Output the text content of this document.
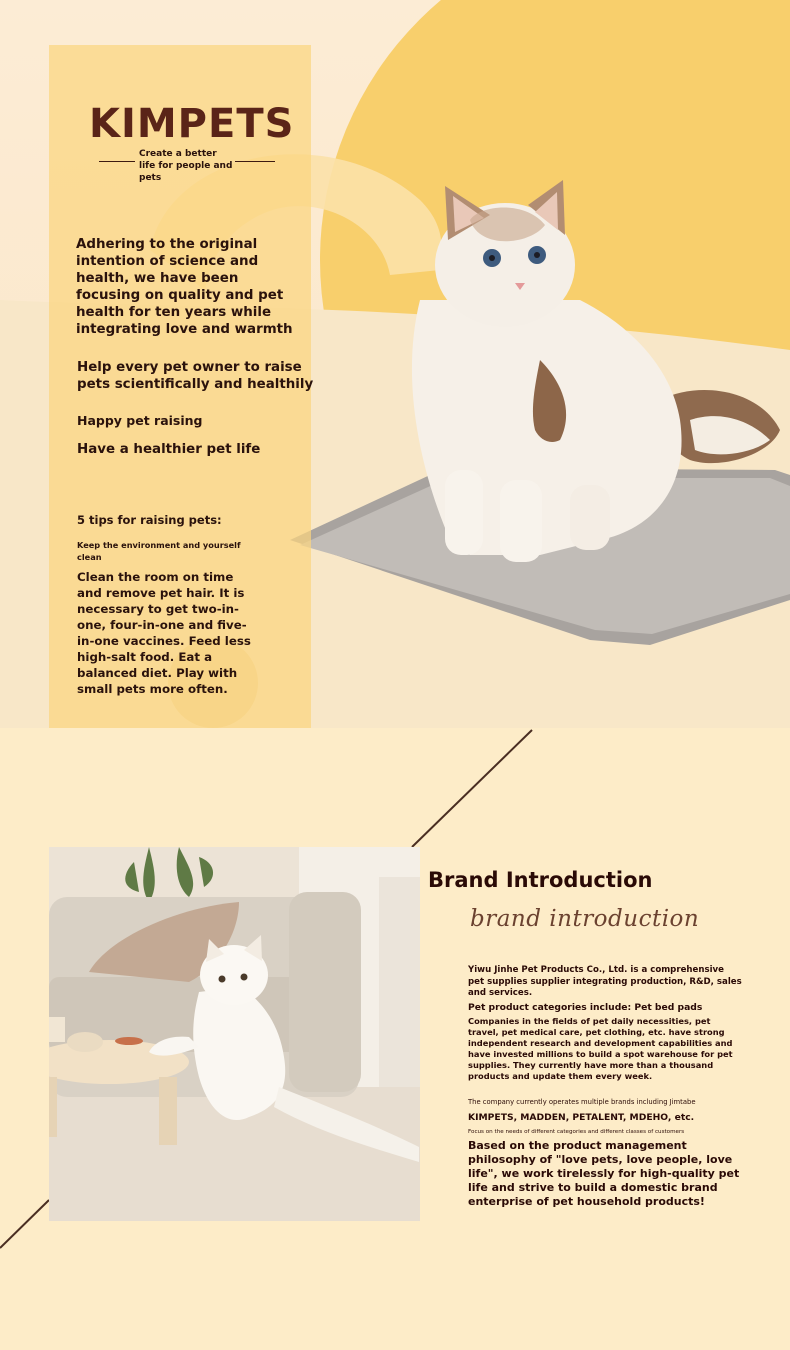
KIMPETS
Create a better life for people and pets

Adhering to the original intention of science and health, we have been focusing on quality and pet health for ten years while integrating love and warmth

Help every pet owner to raise pets scientifically and healthily

Happy pet raising

Have a healthier pet life

5 tips for raising pets:

Keep the environment and yourself clean

Clean the room on time and remove pet hair. It is necessary to get two-in-one, four-in-one and five-in-one vaccines. Feed less high-salt food. Eat a balanced diet. Play with small pets more often.

Brand Introduction
brand introduction

Yiwu Jinhe Pet Products Co., Ltd. is a comprehensive pet supplies supplier integrating production, R&D, sales and services.

Pet product categories include: Pet bed pads

Companies in the fields of pet daily necessities, pet travel, pet medical care, pet clothing, etc. have strong independent research and development capabilities and have invested millions to build a spot warehouse for pet supplies. They currently have more than a thousand products and update them every week.

The company currently operates multiple brands including Jimtabe

KIMPETS, MADDEN, PETALENT, MDEHO, etc.

Focus on the needs of different categories and different classes of customers

Based on the product management philosophy of "love pets, love people, love life", we work tirelessly for high-quality pet life and strive to build a domestic brand enterprise of pet household products!
